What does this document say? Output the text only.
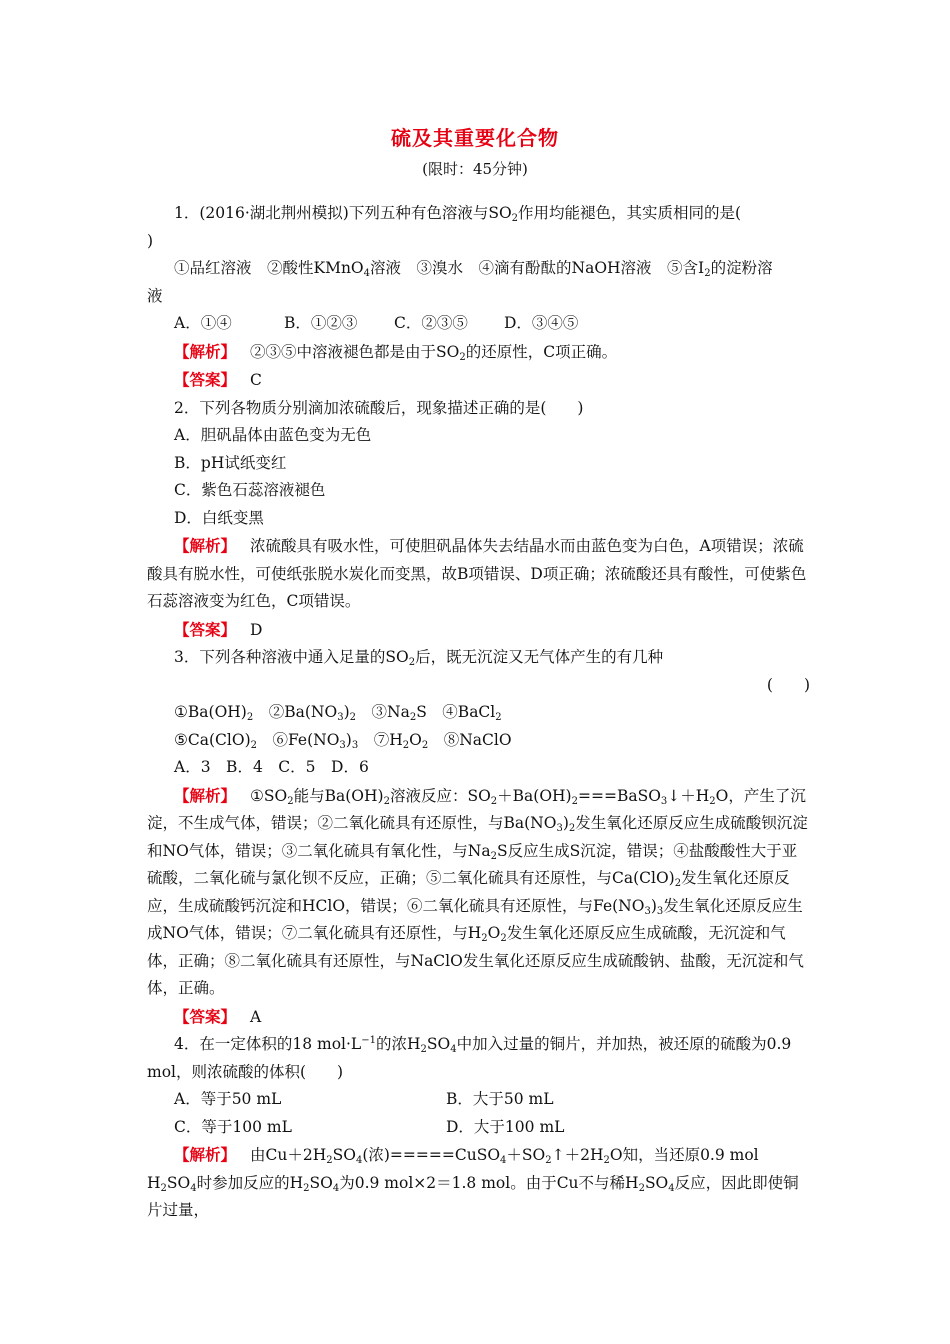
硫及其重要化合物
(限时：45分钟)
1．(2016·湖北荆州模拟)下列五种有色溶液与$SO_2$作用均能褪色，其实质相同的是(
)
①品红溶液　②酸性KMnO$_4$溶液　③溴水　④滴有酚酞的NaOH溶液　⑤含$I_2$的淀粉溶
液
A．①④	B．①②③	C．②③⑤	D．③④⑤
【解析】 ②③⑤中溶液褪色都是由于$SO_2$的还原性，C项正确。
【答案】 C
2．下列各物质分别滴加浓硫酸后，现象描述正确的是(　　)
A．胆矾晶体由蓝色变为无色
B．pH试纸变红
C．紫色石蕊溶液褪色
D．白纸变黑
【解析】 浓硫酸具有吸水性，可使胆矾晶体失去结晶水而由蓝色变为白色，A项错误；浓硫酸具有脱水性，可使纸张脱水炭化而变黑，故B项错误、D项正确；浓硫酸还具有酸性，可使紫色石蕊溶液变为红色，C项错误。
【答案】 D
3．下列各种溶液中通入足量的$SO_2$后，既无沉淀又无气体产生的有几种
(　　)
$①Ba(OH)_2$　$②Ba(NO_3)_2$　$③Na_2S$　④BaCl$_2$
$⑤Ca(ClO)_2$　$⑥Fe(NO_3)_3$　$⑦H_2O_2$　⑧NaClO
A．3　B．4　C．5　D．6
【解析】 $①SO_2$能与$Ba(OH)_2$溶液反应：$SO_2+Ba(OH)_2===BaSO_3↓+H_2O$，产生了沉淀，不生成气体，错误；②二氧化硫具有还原性，与$Ba(NO_3)_2$发生氧化还原反应生成硫酸钡沉淀和NO气体，错误；③二氧化硫具有氧化性，与$Na_2S$反应生成S沉淀，错误；④盐酸酸性大于亚硫酸，二氧化硫与氯化钡不反应，正确；⑤二氧化硫具有还原性，与$Ca(ClO)_2$发生氧化还原反应，生成硫酸钙沉淀和HClO，错误；⑥二氧化硫具有还原性，与$Fe(NO_3)_3$发生氧化还原反应生成NO气体，错误；⑦二氧化硫具有还原性，与$H_2O_2$发生氧化还原反应生成硫酸，无沉淀和气体，正确；⑧二氧化硫具有还原性，与NaClO发生氧化还原反应生成硫酸钠、盐酸，无沉淀和气体，正确。
【答案】 A
4．在一定体积的18 $mol\cdot L^{-1}$的浓$H_2SO_4$中加入过量的铜片，并加热，被还原的硫酸为0.9 mol，则浓硫酸的体积(　　)
A．等于50 mL	B．大于50 mL
C．等于100 mL	D．大于100 mL
【解析】 由$Cu+2H_2SO_4$(浓)$=====CuSO_4+SO_2↑+2H_2O$知，当还原0.9 mol $H_2SO_4$时参加反应的$H_2SO_4$为0.9 mol×2＝1.8 mol。由于Cu不与稀$H_2SO_4$反应，因此即使铜片过量，
